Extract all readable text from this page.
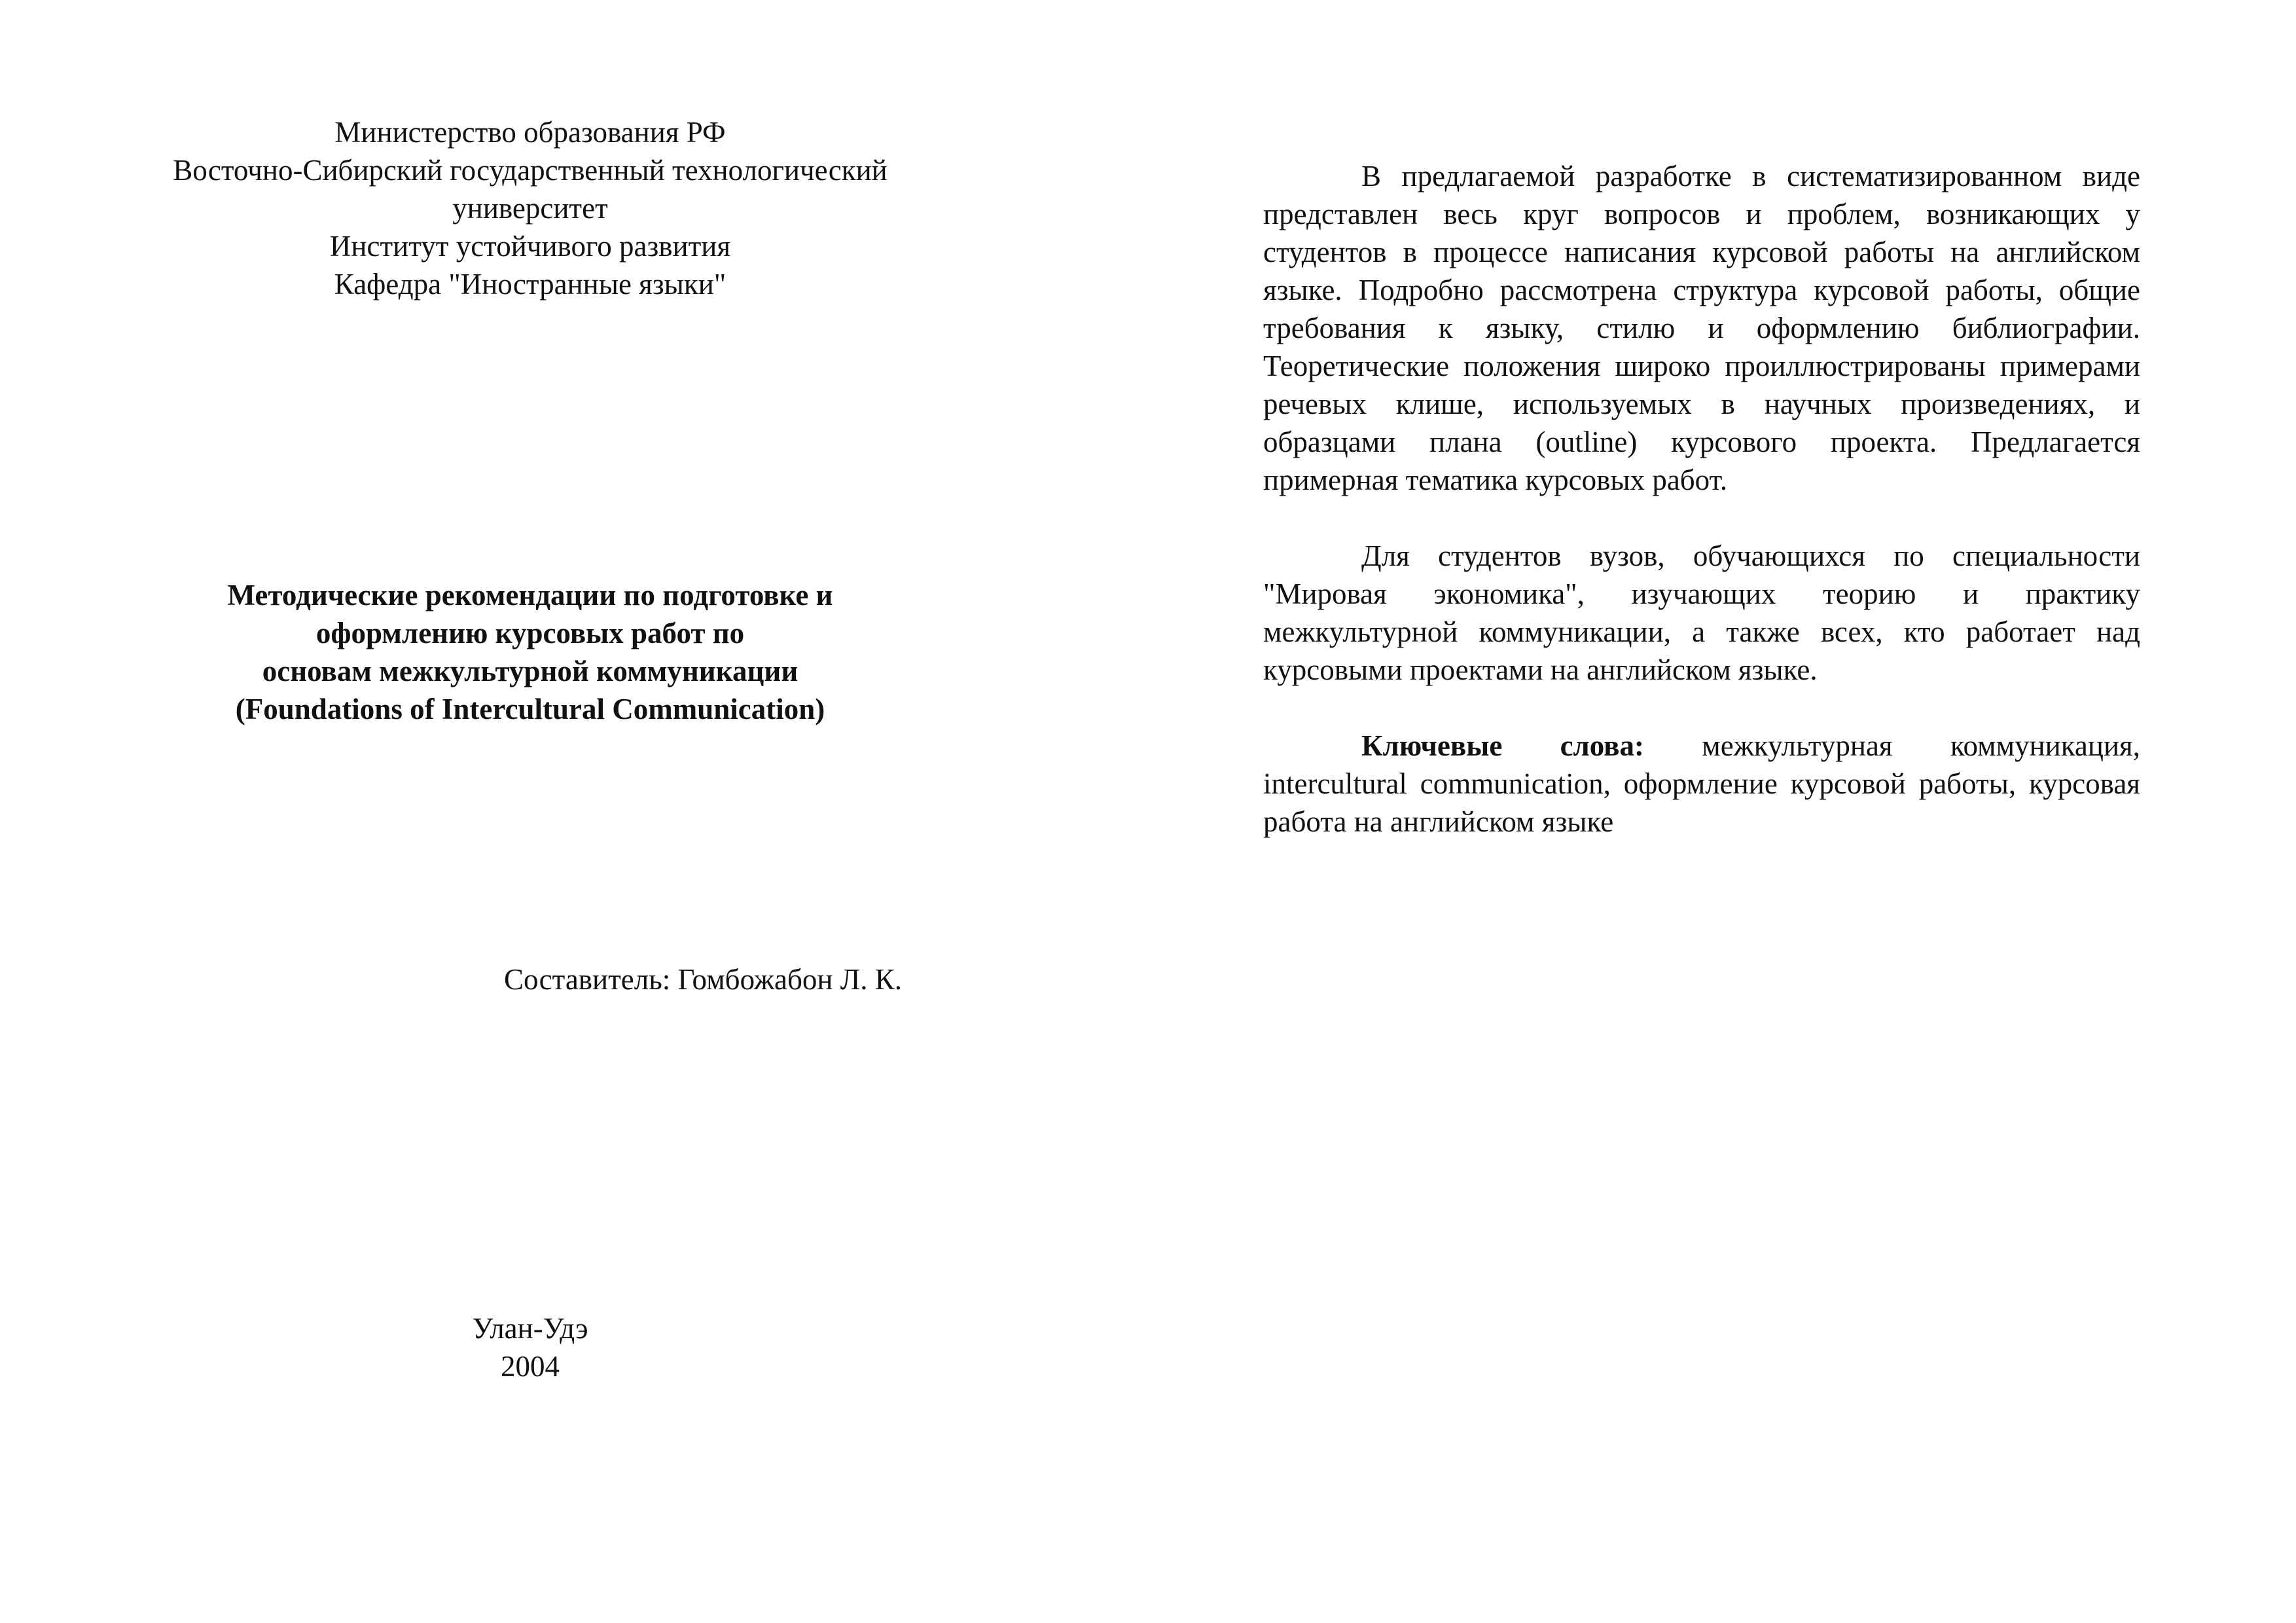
Министерство образования РФ
Восточно-Сибирский государственный технологический
университет
Институт устойчивого развития
Кафедра "Иностранные языки"
Методические рекомендации по подготовке и
оформлению курсовых работ по
основам межкультурной коммуникации
(Foundations of Intercultural Communication)
Составитель: Гомбожабон Л. К.
Улан-Удэ
2004

В предлагаемой разработке в систематизированном виде представлен весь круг вопросов и проблем, возникающих у студентов в процессе написания курсовой работы на английском языке. Подробно рассмотрена структура курсовой работы, общие требования к языку, стилю и оформлению библиографии. Теоретические положения широко проиллюстрированы примерами речевых клише, используемых в научных произведениях, и образцами плана (outline) курсового проекта. Предлагается примерная тематика курсовых работ.

Для студентов вузов, обучающихся по специальности "Мировая экономика", изучающих теорию и практику межкультурной коммуникации, а также всех, кто работает над курсовыми проектами на английском языке.

Ключевые слова: межкультурная коммуникация, intercultural communication, оформление курсовой работы, курсовая работа на английском языке
